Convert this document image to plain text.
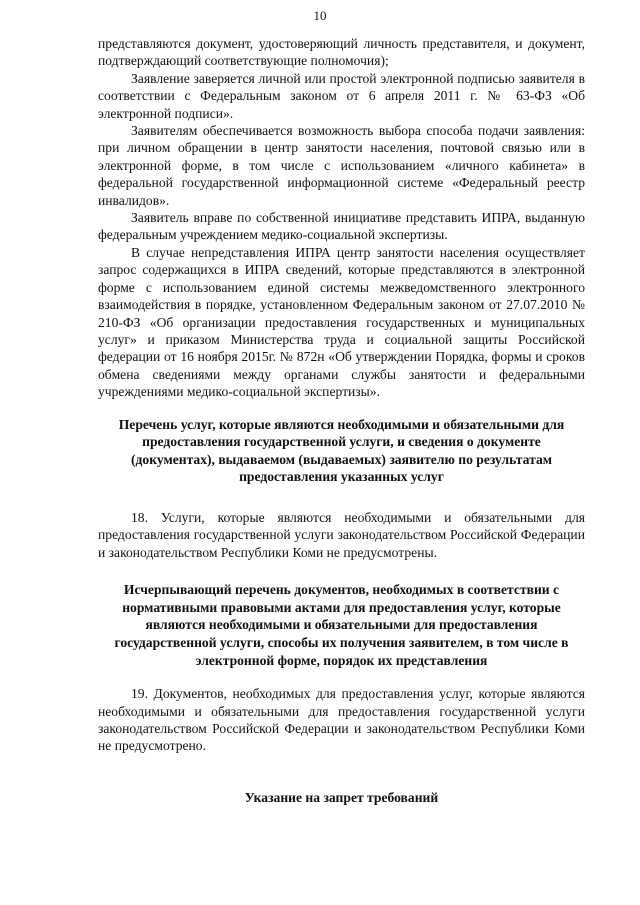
10

представляются документ, удостоверяющий личность представителя, и документ, подтверждающий соответствующие полномочия);

Заявление заверяется личной или простой электронной подписью заявителя в соответствии с Федеральным законом от 6 апреля 2011 г. № 63-ФЗ «Об электронной подписи».

Заявителям обеспечивается возможность выбора способа подачи заявления: при личном обращении в центр занятости населения, почтовой связью или в электронной форме, в том числе с использованием «личного кабинета» в федеральной государственной информационной системе «Федеральный реестр инвалидов».

Заявитель вправе по собственной инициативе представить ИПРА, выданную федеральным учреждением медико-социальной экспертизы.

В случае непредставления ИПРА центр занятости населения осуществляет запрос содержащихся в ИПРА сведений, которые представляются в электронной форме с использованием единой системы межведомственного электронного взаимодействия в порядке, установленном Федеральным законом от 27.07.2010 № 210-ФЗ «Об организации предоставления государственных и муниципальных услуг» и приказом Министерства труда и социальной защиты Российской федерации от 16 ноября 2015г. № 872н «Об утверждении Порядка, формы и сроков обмена сведениями между органами службы занятости и федеральными учреждениями медико-социальной экспертизы».

Перечень услуг, которые являются необходимыми и обязательными для предоставления государственной услуги, и сведения о документе (документах), выдаваемом (выдаваемых) заявителю по результатам предоставления указанных услуг

18. Услуги, которые являются необходимыми и обязательными для предоставления государственной услуги законодательством Российской Федерации и законодательством Республики Коми не предусмотрены.

Исчерпывающий перечень документов, необходимых в соответствии с нормативными правовыми актами для предоставления услуг, которые являются необходимыми и обязательными для предоставления государственной услуги, способы их получения заявителем, в том числе в электронной форме, порядок их представления

19. Документов, необходимых для предоставления услуг, которые являются необходимыми и обязательными для предоставления государственной услуги законодательством Российской Федерации и законодательством Республики Коми не предусмотрено.

Указание на запрет требований
